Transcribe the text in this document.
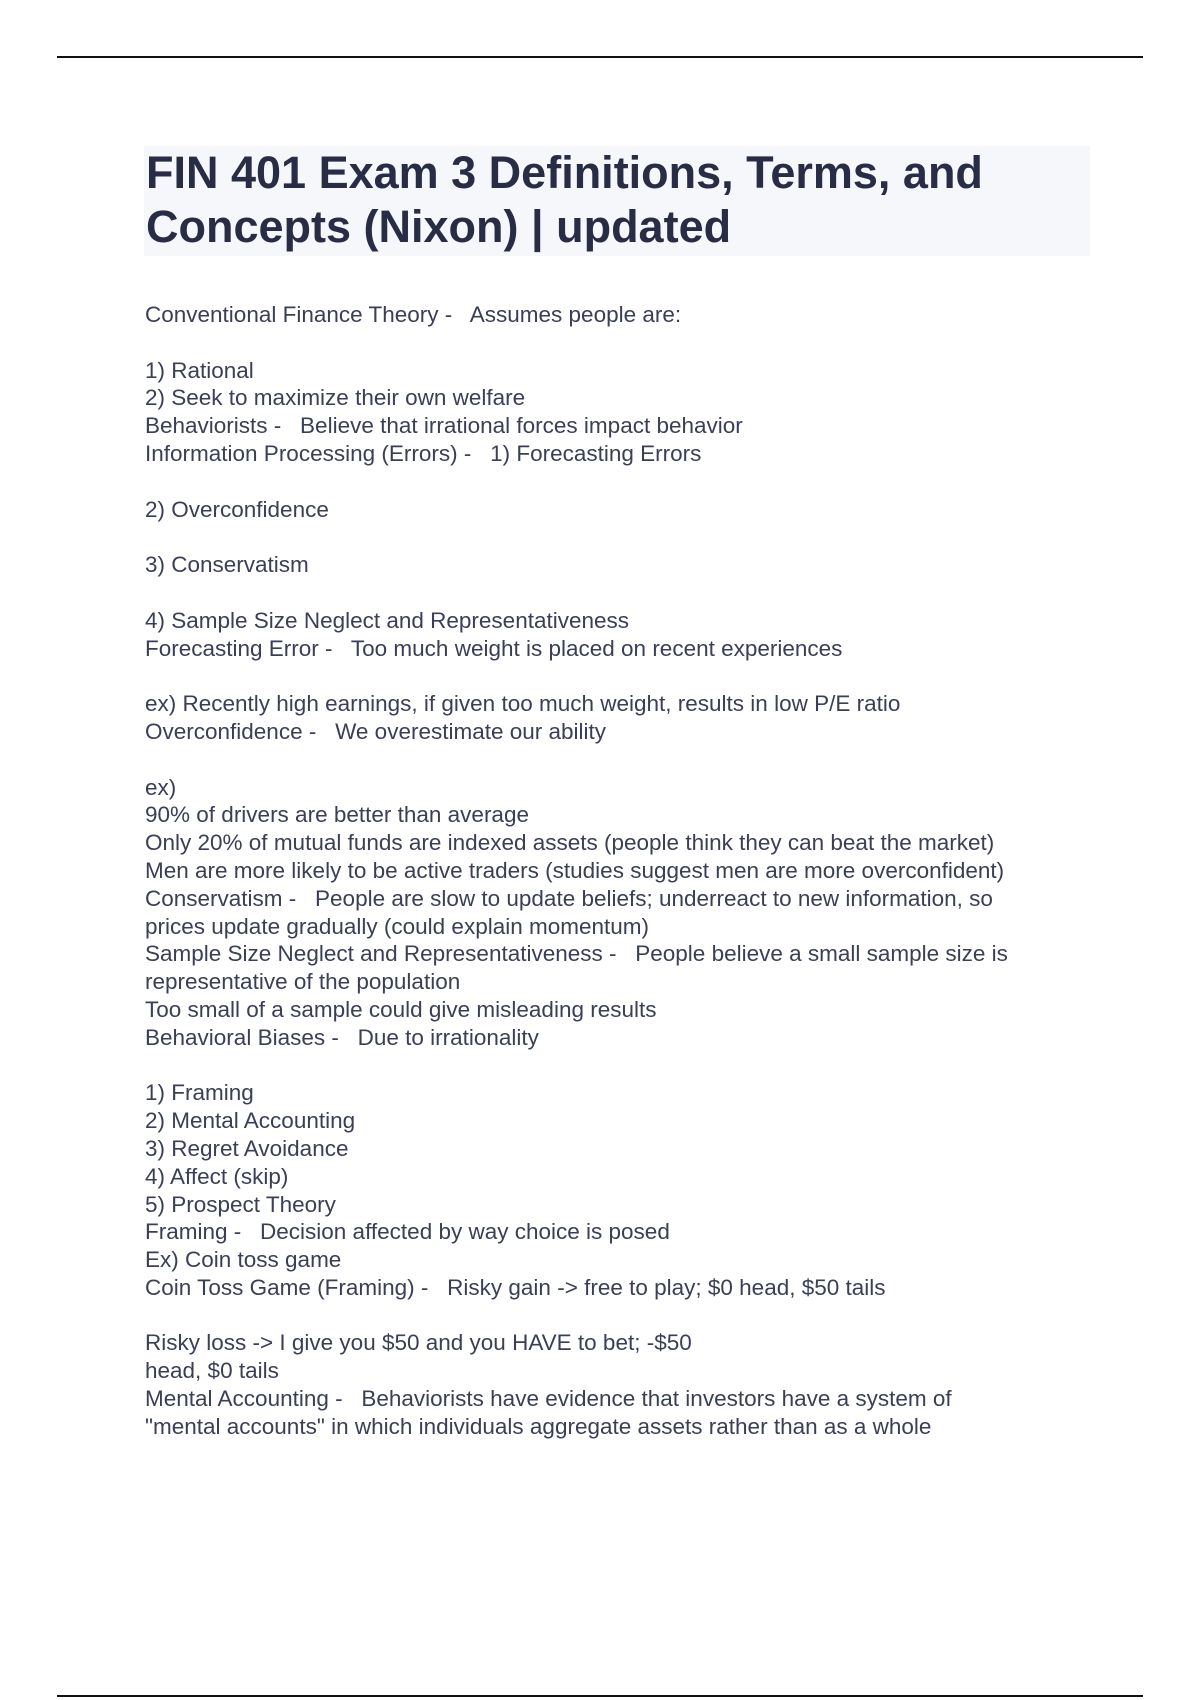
FIN 401 Exam 3 Definitions, Terms, and
Concepts (Nixon) | updated
Conventional Finance Theory -   Assumes people are:
1) Rational
2) Seek to maximize their own welfare
Behaviorists -   Believe that irrational forces impact behavior
Information Processing (Errors) -   1) Forecasting Errors
2) Overconfidence
3) Conservatism
4) Sample Size Neglect and Representativeness
Forecasting Error -   Too much weight is placed on recent experiences
ex) Recently high earnings, if given too much weight, results in low P/E ratio
Overconfidence -   We overestimate our ability
ex)
90% of drivers are better than average
Only 20% of mutual funds are indexed assets (people think they can beat the market)
Men are more likely to be active traders (studies suggest men are more overconfident)
Conservatism -   People are slow to update beliefs; underreact to new information, so
prices update gradually (could explain momentum)
Sample Size Neglect and Representativeness -   People believe a small sample size is
representative of the population
Too small of a sample could give misleading results
Behavioral Biases -   Due to irrationality
1) Framing
2) Mental Accounting
3) Regret Avoidance
4) Affect (skip)
5) Prospect Theory
Framing -   Decision affected by way choice is posed
Ex) Coin toss game
Coin Toss Game (Framing) -   Risky gain -> free to play; $0 head, $50 tails
Risky loss -> I give you $50 and you HAVE to bet; -$50
head, $0 tails
Mental Accounting -   Behaviorists have evidence that investors have a system of
"mental accounts" in which individuals aggregate assets rather than as a whole
